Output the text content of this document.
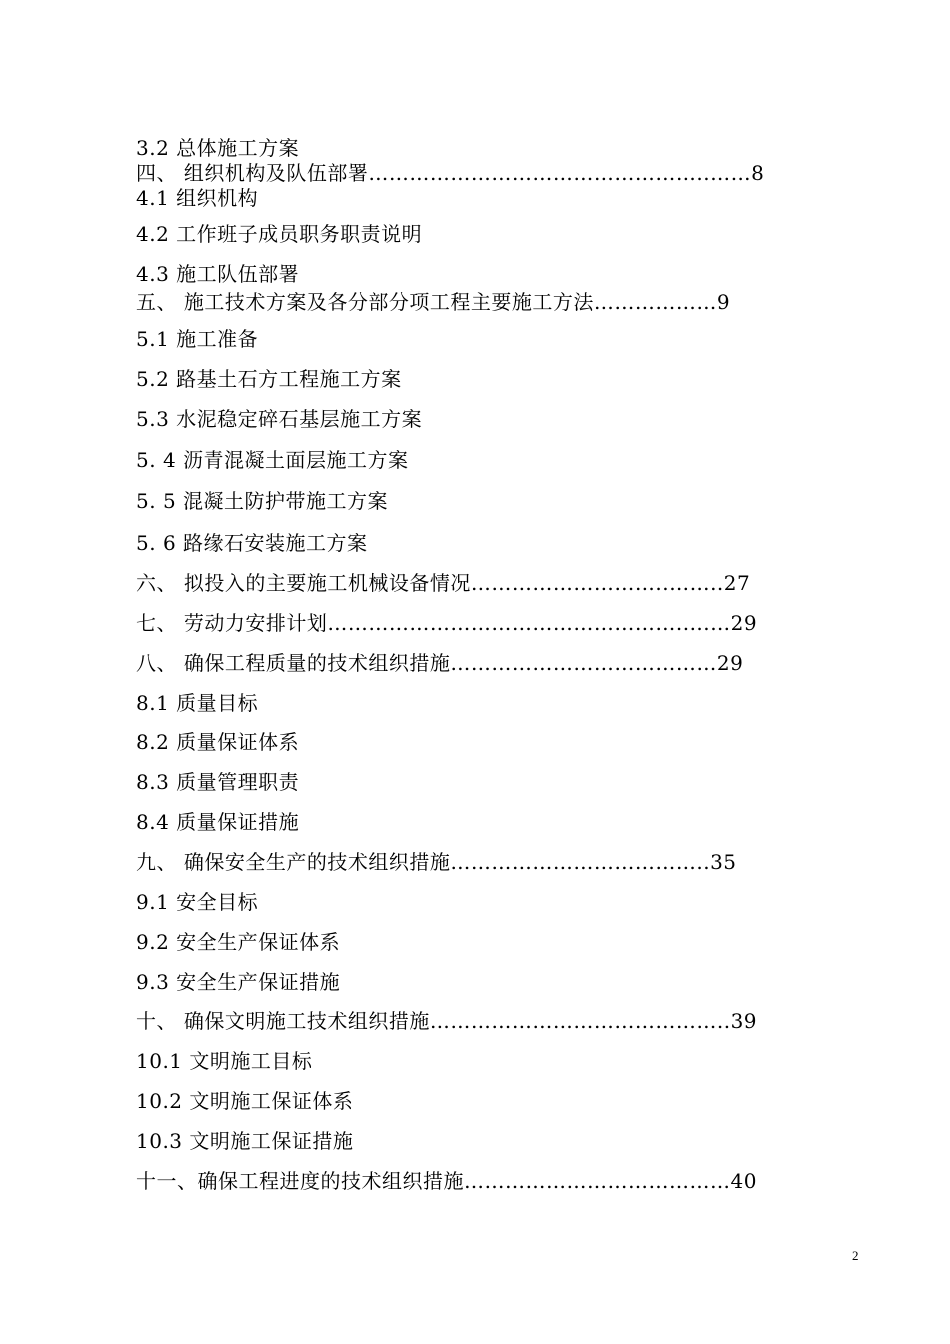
3.2 总体施工方案
四、 组织机构及队伍部署…………………………………………..……8
4.1 组织机构
4.2 工作班子成员职务职责说明
4.3 施工队伍部署
五、 施工技术方案及各分部分项工程主要施工方法………………9
5.1 施工准备
5.2 路基土石方工程施工方案
5.3 水泥稳定碎石基层施工方案
5. 4 沥青混凝土面层施工方案
5. 5 混凝土防护带施工方案
5. 6 路缘石安装施工方案
六、 拟投入的主要施工机械设备情况………………………..……..27
七、 劳动力安排计划…………………………………………….....…29
八、 确保工程质量的技术组织措施…………………………………29
8.1 质量目标
8.2 质量保证体系
8.3 质量管理职责
8.4 质量保证措施
九、 确保安全生产的技术组织措施………………………………..35
9.1 安全目标
9.2 安全生产保证体系
9.3 安全生产保证措施
十、 确保文明施工技术组织措施……………………………………..39
10.1 文明施工目标
10.2 文明施工保证体系
10.3 文明施工保证措施
十一、确保工程进度的技术组织措施…………………………………40
2
